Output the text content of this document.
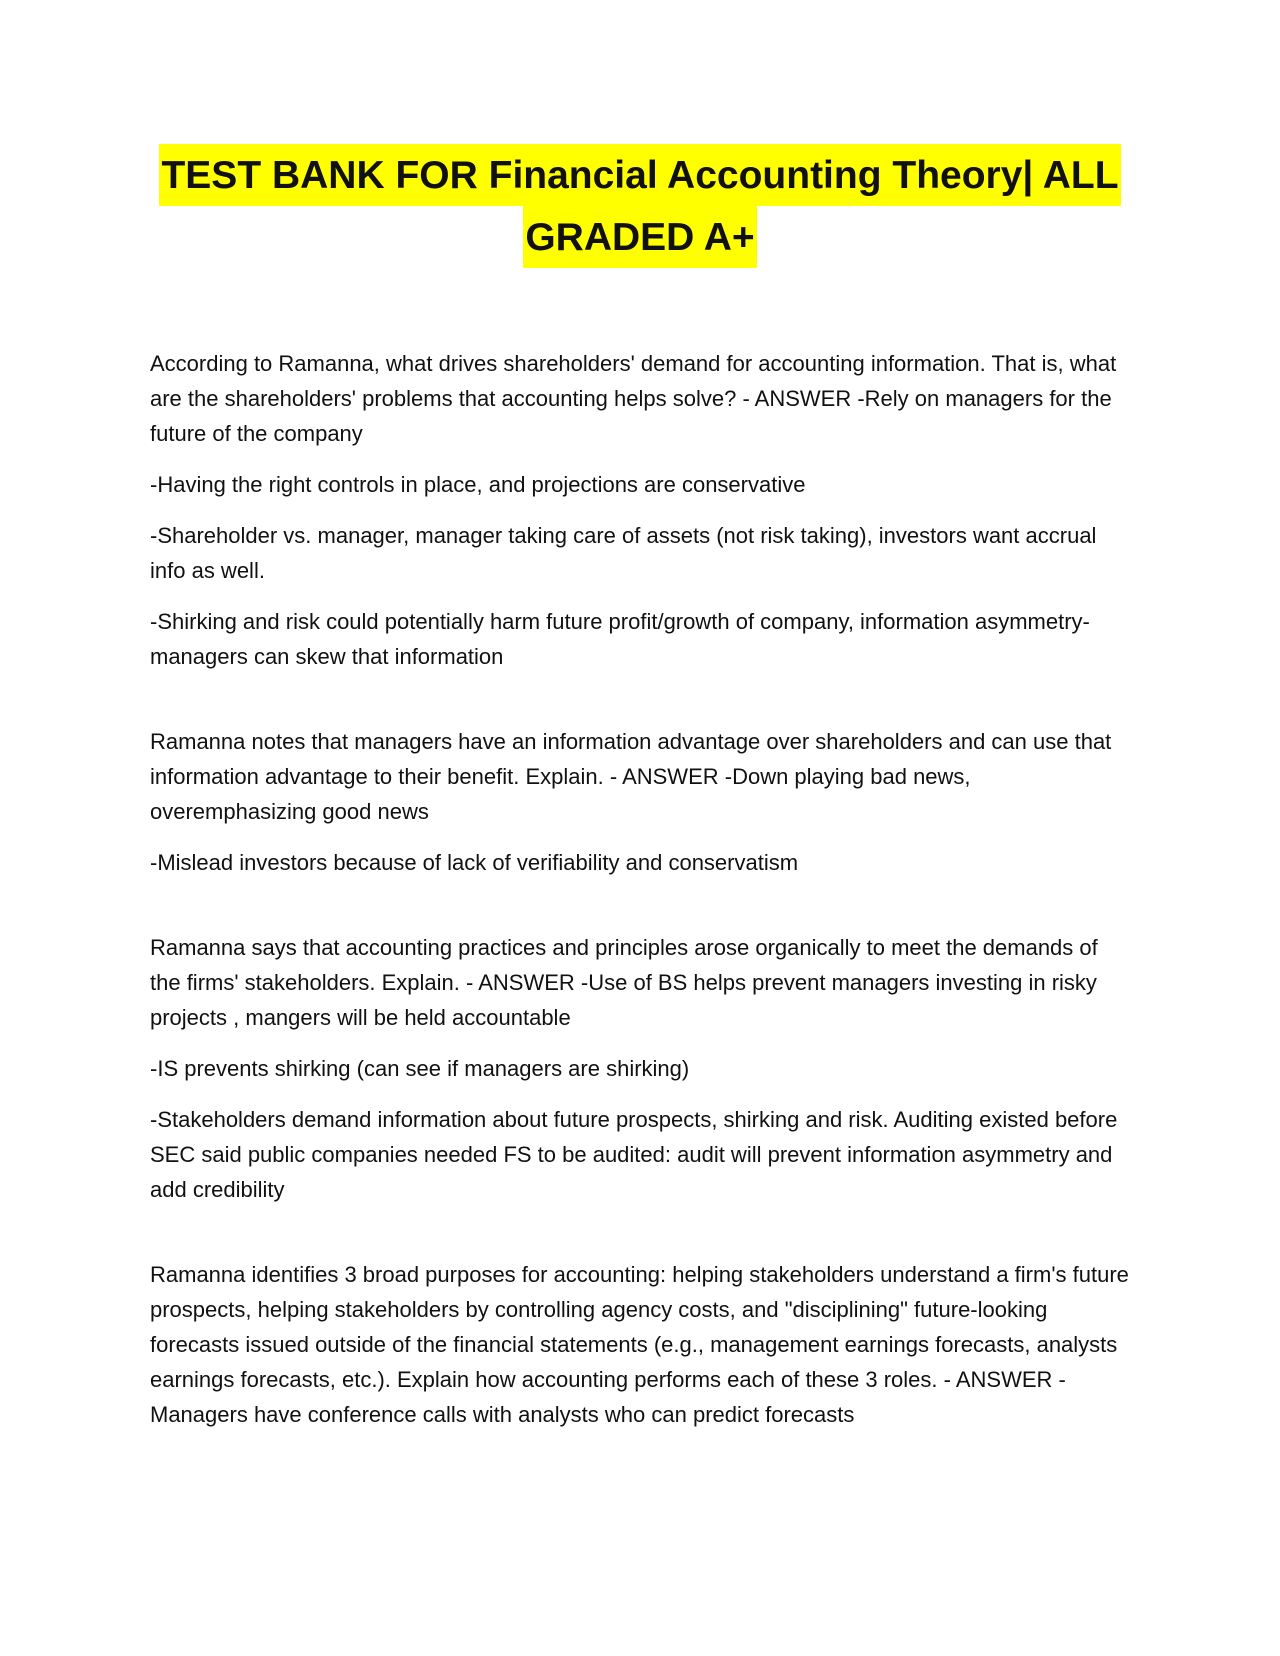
TEST BANK FOR Financial Accounting Theory| ALL
GRADED A+

According to Ramanna, what drives shareholders' demand for accounting information. That is, what are the shareholders' problems that accounting helps solve? - ANSWER -Rely on managers for the future of the company

-Having the right controls in place, and projections are conservative

-Shareholder vs. manager, manager taking care of assets (not risk taking), investors want accrual info as well.

-Shirking and risk could potentially harm future profit/growth of company, information asymmetry-managers can skew that information

Ramanna notes that managers have an information advantage over shareholders and can use that information advantage to their benefit. Explain. - ANSWER -Down playing bad news, overemphasizing good news

-Mislead investors because of lack of verifiability and conservatism

Ramanna says that accounting practices and principles arose organically to meet the demands of the firms' stakeholders. Explain. - ANSWER -Use of BS helps prevent managers investing in risky projects , mangers will be held accountable

-IS prevents shirking (can see if managers are shirking)

-Stakeholders demand information about future prospects, shirking and risk. Auditing existed before SEC said public companies needed FS to be audited: audit will prevent information asymmetry and add credibility

Ramanna identifies 3 broad purposes for accounting: helping stakeholders understand a firm's future prospects, helping stakeholders by controlling agency costs, and "disciplining" future-looking forecasts issued outside of the financial statements (e.g., management earnings forecasts, analysts earnings forecasts, etc.). Explain how accounting performs each of these 3 roles. - ANSWER -Managers have conference calls with analysts who can predict forecasts
